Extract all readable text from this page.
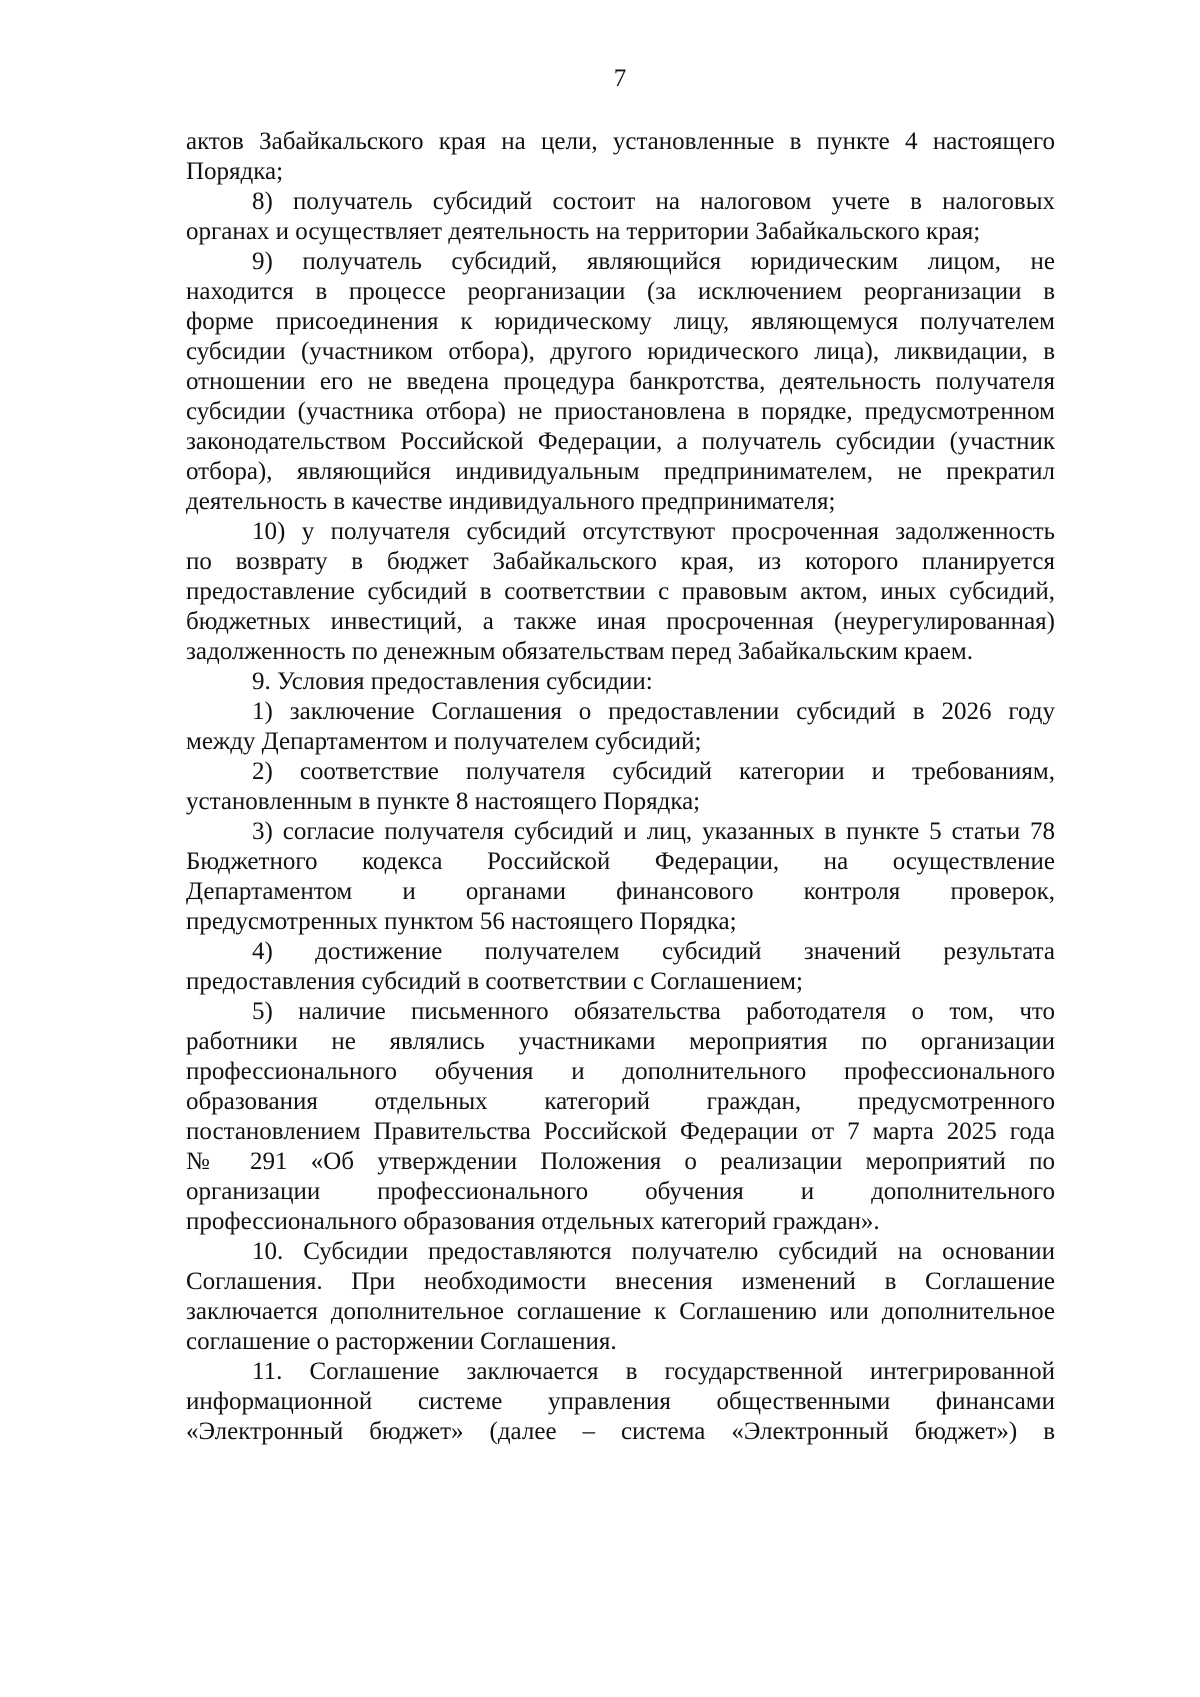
7
актов Забайкальского края на цели, установленные в пункте 4 настоящего
Порядка;
8) получатель субсидий состоит на налоговом учете в налоговых
органах и осуществляет деятельность на территории Забайкальского края;
9) получатель субсидий, являющийся юридическим лицом, не
находится в процессе реорганизации (за исключением реорганизации в
форме присоединения к юридическому лицу, являющемуся получателем
субсидии (участником отбора), другого юридического лица), ликвидации, в
отношении его не введена процедура банкротства, деятельность получателя
субсидии (участника отбора) не приостановлена в порядке, предусмотренном
законодательством Российской Федерации, а получатель субсидии (участник
отбора), являющийся индивидуальным предпринимателем, не прекратил
деятельность в качестве индивидуального предпринимателя;
10) у получателя субсидий отсутствуют просроченная задолженность
по возврату в бюджет Забайкальского края, из которого планируется
предоставление субсидий в соответствии с правовым актом, иных субсидий,
бюджетных инвестиций, а также иная просроченная (неурегулированная)
задолженность по денежным обязательствам перед Забайкальским краем.
9. Условия предоставления субсидии:
1) заключение Соглашения о предоставлении субсидий в 2026 году
между Департаментом и получателем субсидий;
2) соответствие получателя субсидий категории и требованиям,
установленным в пункте 8 настоящего Порядка;
3) согласие получателя субсидий и лиц, указанных в пункте 5 статьи 78
Бюджетного кодекса Российской Федерации, на осуществление
Департаментом и органами финансового контроля проверок,
предусмотренных пунктом 56 настоящего Порядка;
4) достижение получателем субсидий значений результата
предоставления субсидий в соответствии с Соглашением;
5) наличие письменного обязательства работодателя о том, что
работники не являлись участниками мероприятия по организации
профессионального обучения и дополнительного профессионального
образования отдельных категорий граждан, предусмотренного
постановлением Правительства Российской Федерации от 7 марта 2025 года
№ 291 «Об утверждении Положения о реализации мероприятий по
организации профессионального обучения и дополнительного
профессионального образования отдельных категорий граждан».
10. Субсидии предоставляются получателю субсидий на основании
Соглашения. При необходимости внесения изменений в Соглашение
заключается дополнительное соглашение к Соглашению или дополнительное
соглашение о расторжении Соглашения.
11. Соглашение заключается в государственной интегрированной
информационной системе управления общественными финансами
«Электронный бюджет» (далее – система «Электронный бюджет») в
